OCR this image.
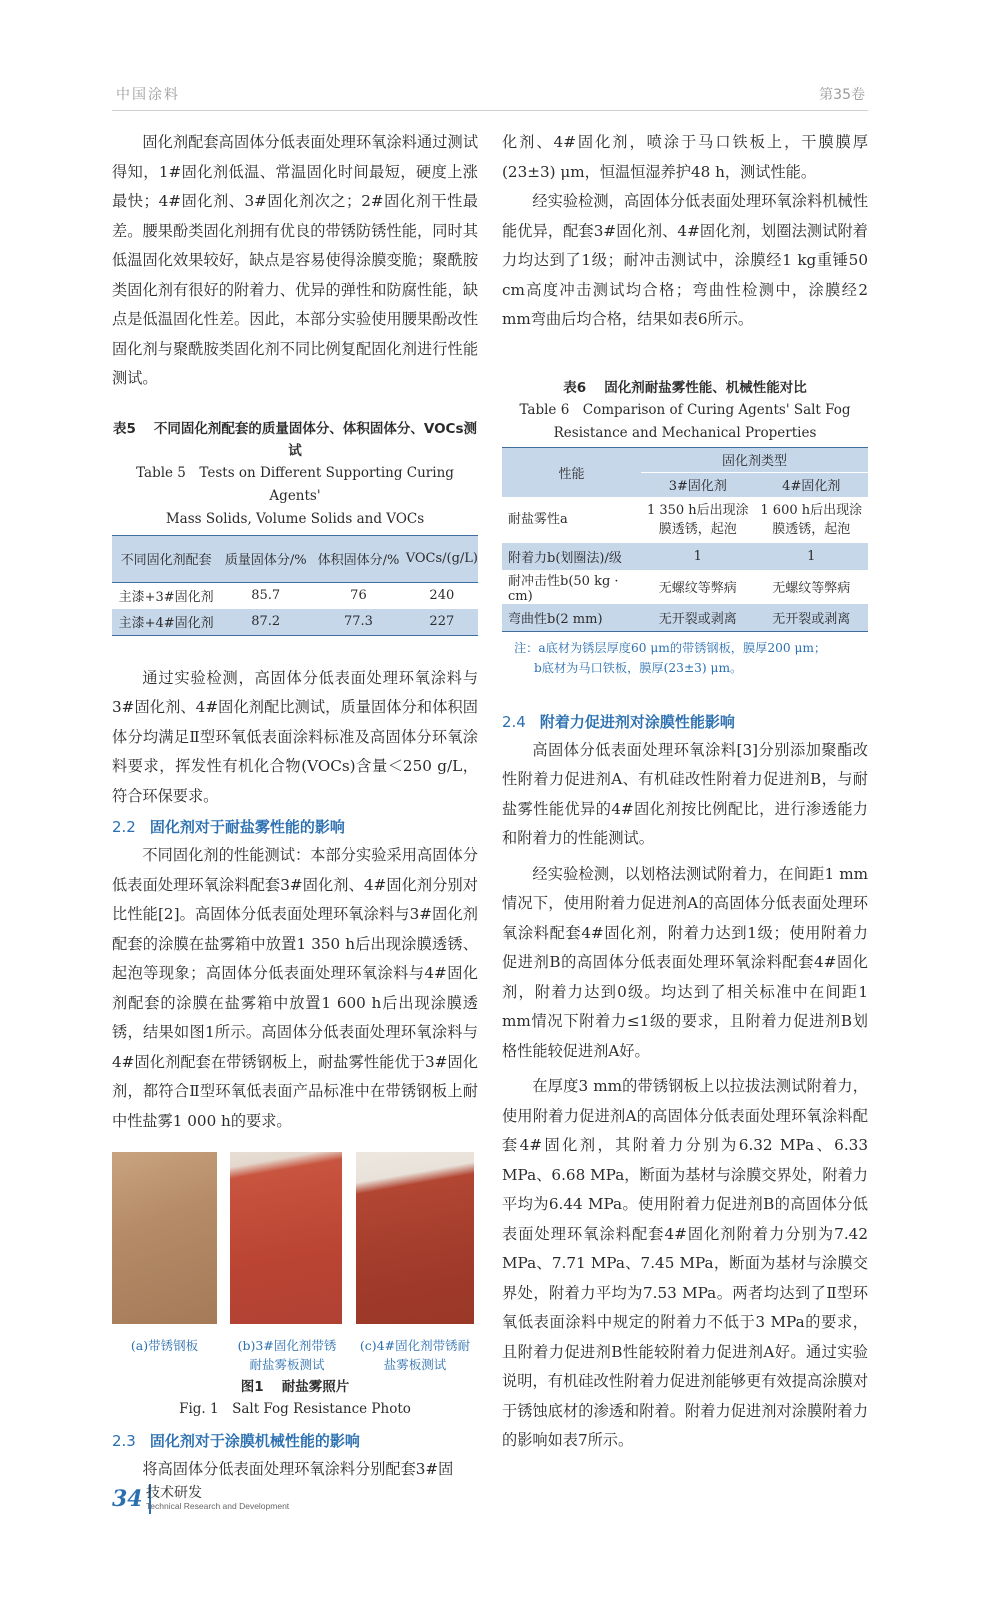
中国涂料	第35卷

固化剂配套高固体分低表面处理环氧涂料通过测试得知，1#固化剂低温、常温固化时间最短，硬度上涨最快；4#固化剂、3#固化剂次之；2#固化剂干性最差。腰果酚类固化剂拥有优良的带锈防锈性能，同时其低温固化效果较好，缺点是容易使得涂膜变脆；聚酰胺类固化剂有很好的附着力、优异的弹性和防腐性能，缺点是低温固化性差。因此，本部分实验使用腰果酚改性固化剂与聚酰胺类固化剂不同比例复配固化剂进行性能测试。

表5 不同固化剂配套的质量固体分、体积固体分、VOCs测试

Table 5　Tests on Different Supporting Curing Agents'

Mass Solids, Volume Solids and VOCs

不同固化剂配套	质量固体分/%	体积固体分/%	VOCs/(g/L)
主漆+3#固化剂	85.7	76	240
主漆+4#固化剂	87.2	77.3	227

通过实验检测，高固体分低表面处理环氧涂料与3#固化剂、4#固化剂配比测试，质量固体分和体积固体分均满足Ⅱ型环氧低表面涂料标准及高固体分环氧涂料要求，挥发性有机化合物(VOCs)含量＜250 g/L，符合环保要求。

2.2 固化剂对于耐盐雾性能的影响

不同固化剂的性能测试：本部分实验采用高固体分低表面处理环氧涂料配套3#固化剂、4#固化剂分别对比性能[2]。高固体分低表面处理环氧涂料与3#固化剂配套的涂膜在盐雾箱中放置1 350 h后出现涂膜透锈、起泡等现象；高固体分低表面处理环氧涂料与4#固化剂配套的涂膜在盐雾箱中放置1 600 h后出现涂膜透锈，结果如图1所示。高固体分低表面处理环氧涂料与4#固化剂配套在带锈钢板上，耐盐雾性能优于3#固化剂，都符合Ⅱ型环氧低表面产品标准中在带锈钢板上耐中性盐雾1 000 h的要求。

(a)带锈钢板	(b)3#固化剂带锈
耐盐雾板测试
(c)4#固化剂带锈耐
盐雾板测试

图1 耐盐雾照片

Fig. 1　Salt Fog Resistance Photo

2.3 固化剂对于涂膜机械性能的影响

将高固体分低表面处理环氧涂料分别配套3#固

化剂、4#固化剂，喷涂于马口铁板上，干膜膜厚(23±3) μm，恒温恒湿养护48 h，测试性能。

经实验检测，高固体分低表面处理环氧涂料机械性能优异，配套3#固化剂、4#固化剂，划圈法测试附着力均达到了1级；耐冲击测试中，涂膜经1 kg重锤50 cm高度冲击测试均合格；弯曲性检测中，涂膜经2 mm弯曲后均合格，结果如表6所示。

表6 固化剂耐盐雾性能、机械性能对比

Table 6　Comparison of Curing Agents' Salt Fog

Resistance and Mechanical Properties

性能	固化剂类型	
	3#固化剂	4#固化剂
耐盐雾性a	1 350 h后出现涂膜透锈，起泡	1 600 h后出现涂膜透锈，起泡
附着力b(划圈法)/级	1	1
耐冲击性b(50 kg · cm)	无螺纹等弊病	无螺纹等弊病
弯曲性b(2 mm)	无开裂或剥离	无开裂或剥离
注：a底材为锈层厚度60 μm的带锈钢板，膜厚200 μm；
b底材为马口铁板，膜厚(23±3) μm。
2.4 附着力促进剂对涂膜性能影响

高固体分低表面处理环氧涂料[3]分别添加聚酯改性附着力促进剂A、有机硅改性附着力促进剂B，与耐盐雾性能优异的4#固化剂按比例配比，进行渗透能力和附着力的性能测试。

经实验检测，以划格法测试附着力，在间距1 mm情况下，使用附着力促进剂A的高固体分低表面处理环氧涂料配套4#固化剂，附着力达到1级；使用附着力促进剂B的高固体分低表面处理环氧涂料配套4#固化剂，附着力达到0级。均达到了相关标准中在间距1 mm情况下附着力≤1级的要求，且附着力促进剂B划格性能较促进剂A好。

在厚度3 mm的带锈钢板上以拉拔法测试附着力，使用附着力促进剂A的高固体分低表面处理环氧涂料配套4#固化剂，其附着力分别为6.32 MPa、6.33 MPa、6.68 MPa，断面为基材与涂膜交界处，附着力平均为6.44 MPa。使用附着力促进剂B的高固体分低表面处理环氧涂料配套4#固化剂附着力分别为7.42 MPa、7.71 MPa、7.45 MPa，断面为基材与涂膜交界处，附着力平均为7.53 MPa。两者均达到了Ⅱ型环氧低表面涂料中规定的附着力不低于3 MPa的要求，且附着力促进剂B性能较附着力促进剂A好。通过实验说明，有机硅改性附着力促进剂能够更有效提高涂膜对于锈蚀底材的渗透和附着。附着力促进剂对涂膜附着力的影响如表7所示。

34 技术研发
Technical Research and Development
